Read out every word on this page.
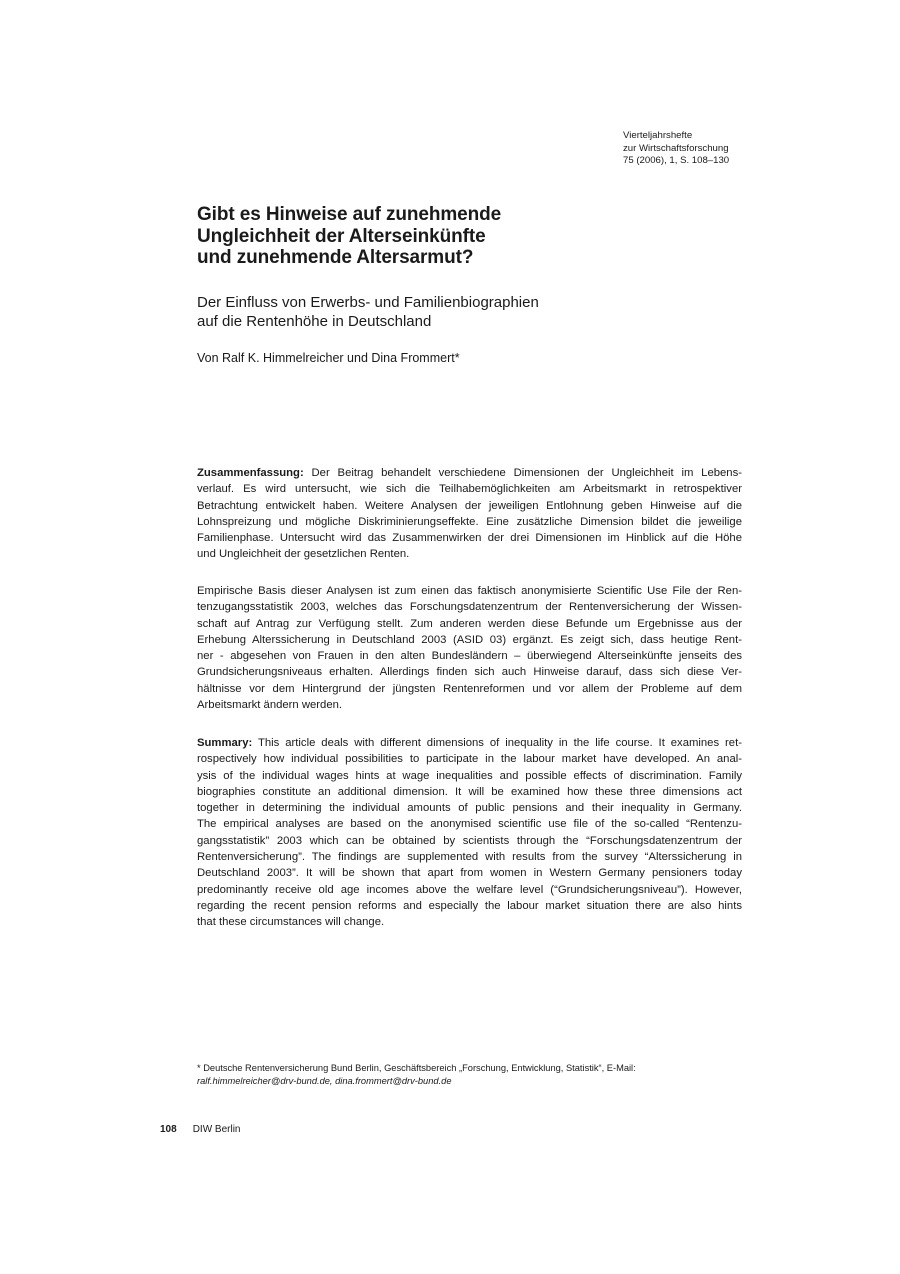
Vierteljahrshefte
zur Wirtschaftsforschung
75 (2006), 1, S. 108–130
Gibt es Hinweise auf zunehmende
Ungleichheit der Alterseinkünfte
und zunehmende Altersarmut?
Der Einfluss von Erwerbs- und Familienbiographien
auf die Rentenhöhe in Deutschland
Von Ralf K. Himmelreicher und Dina Frommert*
Zusammenfassung: Der Beitrag behandelt verschiedene Dimensionen der Ungleichheit im Lebens-
verlauf. Es wird untersucht, wie sich die Teilhabemöglichkeiten am Arbeitsmarkt in retrospektiver
Betrachtung entwickelt haben. Weitere Analysen der jeweiligen Entlohnung geben Hinweise auf die
Lohnspreizung und mögliche Diskriminierungseffekte. Eine zusätzliche Dimension bildet die jeweilige
Familienphase. Untersucht wird das Zusammenwirken der drei Dimensionen im Hinblick auf die Höhe
und Ungleichheit der gesetzlichen Renten.
Empirische Basis dieser Analysen ist zum einen das faktisch anonymisierte Scientific Use File der Ren-
tenzugangsstatistik 2003, welches das Forschungsdatenzentrum der Rentenversicherung der Wissen-
schaft auf Antrag zur Verfügung stellt. Zum anderen werden diese Befunde um Ergebnisse aus der
Erhebung Alterssicherung in Deutschland 2003 (ASID 03) ergänzt. Es zeigt sich, dass heutige Rent-
ner - abgesehen von Frauen in den alten Bundesländern – überwiegend Alterseinkünfte jenseits des
Grundsicherungsniveaus erhalten. Allerdings finden sich auch Hinweise darauf, dass sich diese Ver-
hältnisse vor dem Hintergrund der jüngsten Rentenreformen und vor allem der Probleme auf dem
Arbeitsmarkt ändern werden.
Summary: This article deals with different dimensions of inequality in the life course. It examines ret-
rospectively how individual possibilities to participate in the labour market have developed. An anal-
ysis of the individual wages hints at wage inequalities and possible effects of discrimination. Family
biographies constitute an additional dimension. It will be examined how these three dimensions act
together in determining the individual amounts of public pensions and their inequality in Germany.
The empirical analyses are based on the anonymised scientific use file of the so-called “Rentenzu-
gangsstatistik” 2003 which can be obtained by scientists through the “Forschungsdatenzentrum der
Rentenversicherung”. The findings are supplemented with results from the survey “Alterssicherung in
Deutschland 2003”. It will be shown that apart from women in Western Germany pensioners today
predominantly receive old age incomes above the welfare level (“Grundsicherungsniveau”). However,
regarding the recent pension reforms and especially the labour market situation there are also hints
that these circumstances will change.
* Deutsche Rentenversicherung Bund Berlin, Geschäftsbereich „Forschung, Entwicklung, Statistik“, E-Mail:
ralf.himmelreicher@drv-bund.de, dina.frommert@drv-bund.de
108 DIW Berlin
